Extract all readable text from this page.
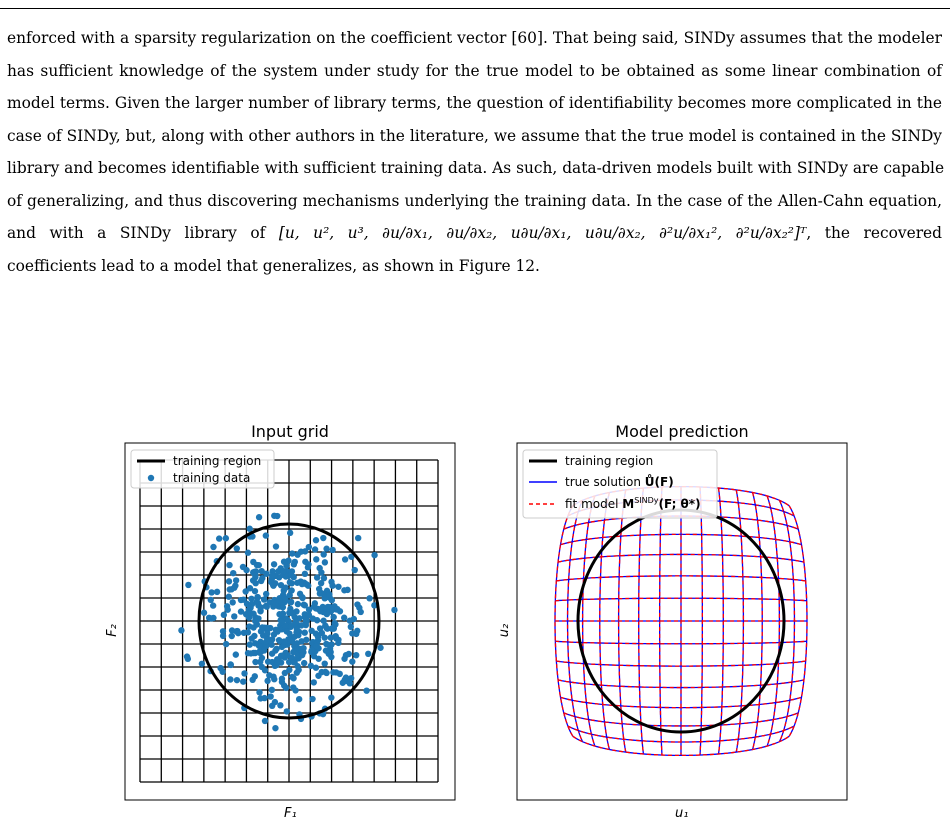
enforced with a sparsity regularization on the coefficient vector [60]. That being said, SINDy assumes that the modeler
has sufficient knowledge of the system under study for the true model to be obtained as some linear combination of
model terms. Given the larger number of library terms, the question of identifiability becomes more complicated in the
case of SINDy, but, along with other authors in the literature, we assume that the true model is contained in the SINDy
library and becomes identifiable with sufficient training data. As such, data-driven models built with SINDy are capable
of generalizing, and thus discovering mechanisms underlying the training data. In the case of the Allen-Cahn equation,
and with a SINDy library of [u, u², u³, ∂u/∂x₁, ∂u/∂x₂, u∂u/∂x₁, u∂u/∂x₂, ∂²u/∂x₁², ∂²u/∂x₂²]ᵀ, the recovered
coefficients lead to a model that generalizes, as shown in Figure 12.
Input grid	Model prediction
training region
training data
training region
true solution Ů(F)
fit model $M^{SINDy}(F$; θ*)
F₁
F₂
u₁
u₂
